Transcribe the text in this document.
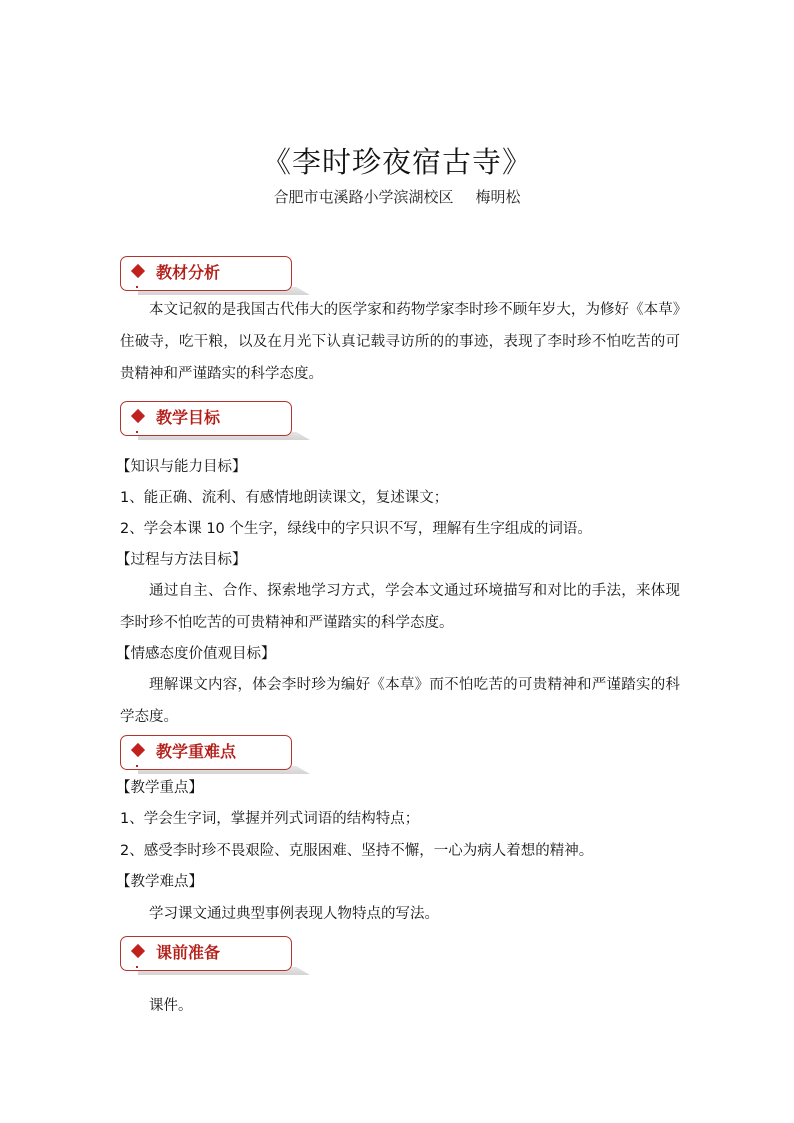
《李时珍夜宿古寺》
合肥市屯溪路小学滨湖校区 梅明松
教材分析
本文记叙的是我国古代伟大的医学家和药物学家李时珍不顾年岁大，为修好《本草》住破寺，吃干粮，以及在月光下认真记载寻访所的的事迹，表现了李时珍不怕吃苦的可贵精神和严谨踏实的科学态度。
教学目标
【知识与能力目标】
1、能正确、流利、有感情地朗读课文，复述课文；
2、学会本课 10 个生字，绿线中的字只识不写，理解有生字组成的词语。
【过程与方法目标】
通过自主、合作、探索地学习方式，学会本文通过环境描写和对比的手法，来体现李时珍不怕吃苦的可贵精神和严谨踏实的科学态度。
【情感态度价值观目标】
理解课文内容，体会李时珍为编好《本草》而不怕吃苦的可贵精神和严谨踏实的科学态度。
教学重难点
【教学重点】
1、学会生字词，掌握并列式词语的结构特点；
2、感受李时珍不畏艰险、克服困难、坚持不懈，一心为病人着想的精神。
【教学难点】
学习课文通过典型事例表现人物特点的写法。
课前准备
课件。
